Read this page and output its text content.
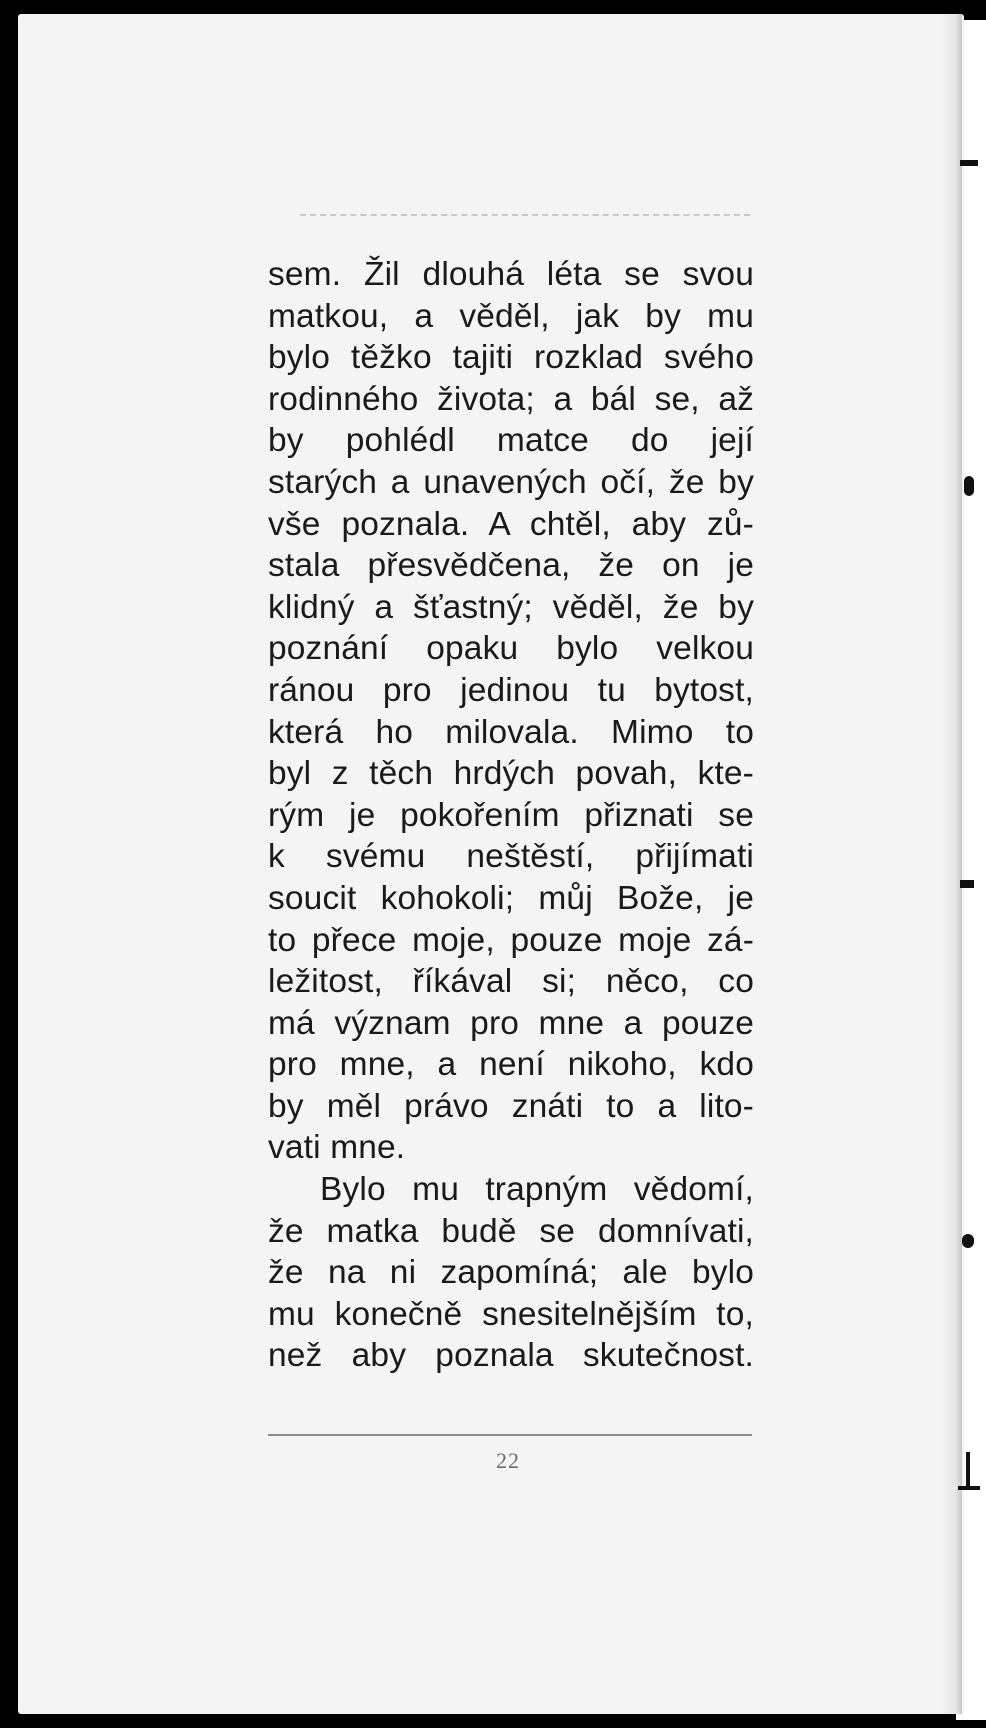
sem. Žil dlouhá léta se svou
matkou, a věděl, jak by mu
bylo těžko tajiti rozklad svého
rodinného života; a bál se, až
by pohlédl matce do její
starých a unavených očí, že by
vše poznala. A chtěl, aby zů-
stala přesvědčena, že on je
klidný a šťastný; věděl, že by
poznání opaku bylo velkou
ránou pro jedinou tu bytost,
která ho milovala. Mimo to
byl z těch hrdých povah, kte-
rým je pokořením přiznati se
k svému neštěstí, přijímati
soucit kohokoli; můj Bože, je
to přece moje, pouze moje zá-
ležitost, říkával si; něco, co
má význam pro mne a pouze
pro mne, a není nikoho, kdo
by měl právo znáti to a lito-
vati mne.
Bylo mu trapným vědomí,
že matka budě se domnívati,
že na ni zapomíná; ale bylo
mu konečně snesitelnějším to,
než aby poznala skutečnost.
22
